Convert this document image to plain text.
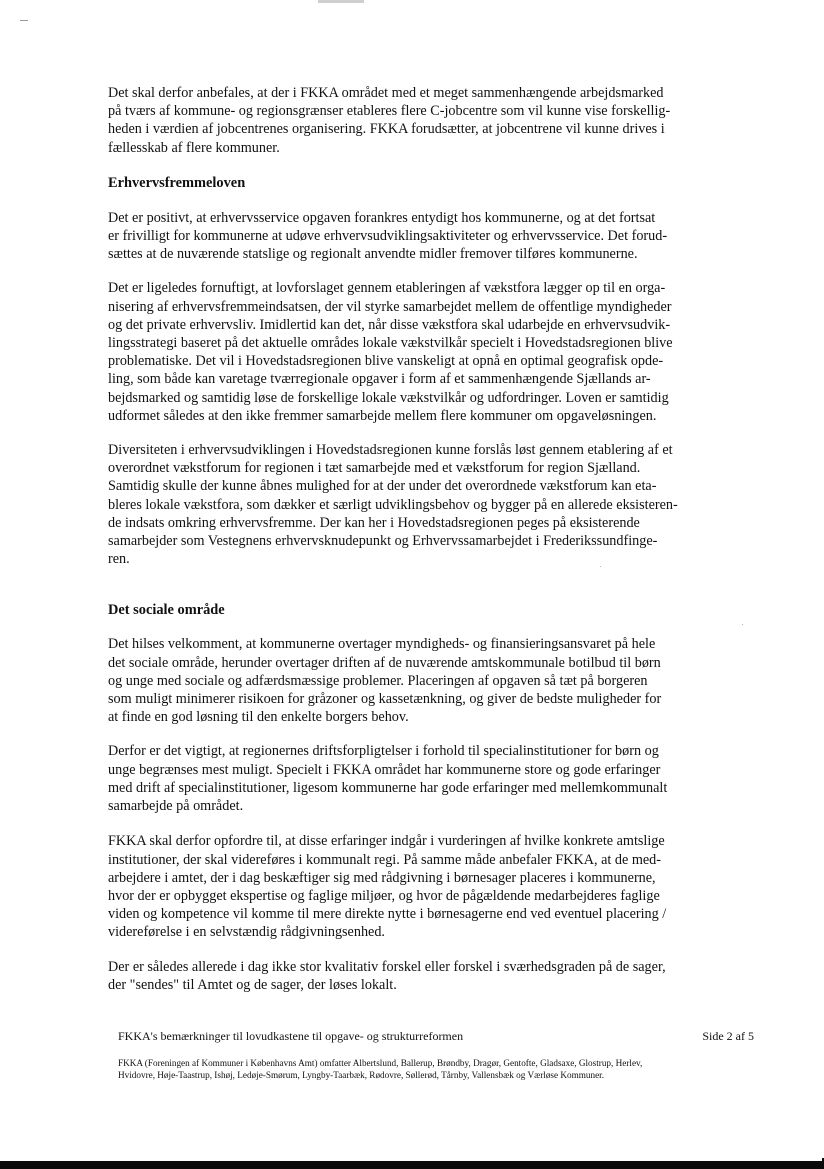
Det skal derfor anbefales, at der i FKKA området med et meget sammenhængende arbejdsmarked
på tværs af kommune- og regionsgrænser etableres flere C-jobcentre som vil kunne vise forskellig-
heden i værdien af jobcentrenes organisering. FKKA forudsætter, at jobcentrene vil kunne drives i
fællesskab af flere kommuner.

Erhvervsfremmeloven

Det er positivt, at erhvervsservice opgaven forankres entydigt hos kommunerne, og at det fortsat
er frivilligt for kommunerne at udøve erhvervsudviklingsaktiviteter og erhvervsservice. Det forud-
sættes at de nuværende statslige og regionalt anvendte midler fremover tilføres kommunerne.

Det er ligeledes fornuftigt, at lovforslaget gennem etableringen af vækstfora lægger op til en orga-
nisering af erhvervsfremmeindsatsen, der vil styrke samarbejdet mellem de offentlige myndigheder
og det private erhvervsliv. Imidlertid kan det, når disse vækstfora skal udarbejde en erhvervsudvik-
lingsstrategi baseret på det aktuelle områdes lokale vækstvilkår specielt i Hovedstadsregionen blive
problematiske. Det vil i Hovedstadsregionen blive vanskeligt at opnå en optimal geografisk opde-
ling, som både kan varetage tværregionale opgaver i form af et sammenhængende Sjællands ar-
bejdsmarked og samtidig løse de forskellige lokale vækstvilkår og udfordringer. Loven er samtidig
udformet således at den ikke fremmer samarbejde mellem flere kommuner om opgaveløsningen.

Diversiteten i erhvervsudviklingen i Hovedstadsregionen kunne forslås løst gennem etablering af et
overordnet vækstforum for regionen i tæt samarbejde med et vækstforum for region Sjælland.
Samtidig skulle der kunne åbnes mulighed for at der under det overordnede vækstforum kan eta-
bleres lokale vækstfora, som dækker et særligt udviklingsbehov og bygger på en allerede eksisteren-
de indsats omkring erhvervsfremme. Der kan her i Hovedstadsregionen peges på eksisterende
samarbejder som Vestegnens erhvervsknudepunkt og Erhvervssamarbejdet i Frederikssundfinge-
ren.

Det sociale område

Det hilses velkomment, at kommunerne overtager myndigheds- og finansieringsansvaret på hele
det sociale område, herunder overtager driften af de nuværende amtskommunale botilbud til børn
og unge med sociale og adfærdsmæssige problemer. Placeringen af opgaven så tæt på borgeren
som muligt minimerer risikoen for gråzoner og kassetænkning, og giver de bedste muligheder for
at finde en god løsning til den enkelte borgers behov.

Derfor er det vigtigt, at regionernes driftsforpligtelser i forhold til specialinstitutioner for børn og
unge begrænses mest muligt. Specielt i FKKA området har kommunerne store og gode erfaringer
med drift af specialinstitutioner, ligesom kommunerne har gode erfaringer med mellemkommunalt
samarbejde på området.

FKKA skal derfor opfordre til, at disse erfaringer indgår i vurderingen af hvilke konkrete amtslige
institutioner, der skal videreføres i kommunalt regi. På samme måde anbefaler FKKA, at de med-
arbejdere i amtet, der i dag beskæftiger sig med rådgivning i børnesager placeres i kommunerne,
hvor der er opbygget ekspertise og faglige miljøer, og hvor de pågældende medarbejderes faglige
viden og kompetence vil komme til mere direkte nytte i børnesagerne end ved eventuel placering /
videreførelse i en selvstændig rådgivningsenhed.

Der er således allerede i dag ikke stor kvalitativ forskel eller forskel i sværhedsgraden på de sager,
der "sendes" til Amtet og de sager, der løses lokalt.

FKKA's bemærkninger til lovudkastene til opgave- og strukturreformen	Side 2 af 5
FKKA (Foreningen af Kommuner i Københavns Amt) omfatter Albertslund, Ballerup, Brøndby, Dragør, Gentofte, Gladsaxe, Glostrup, Herlev,
Hvidovre, Høje-Taastrup, Ishøj, Ledøje-Smørum, Lyngby-Taarbæk, Rødovre, Søllerød, Tårnby, Vallensbæk og Værløse Kommuner.
